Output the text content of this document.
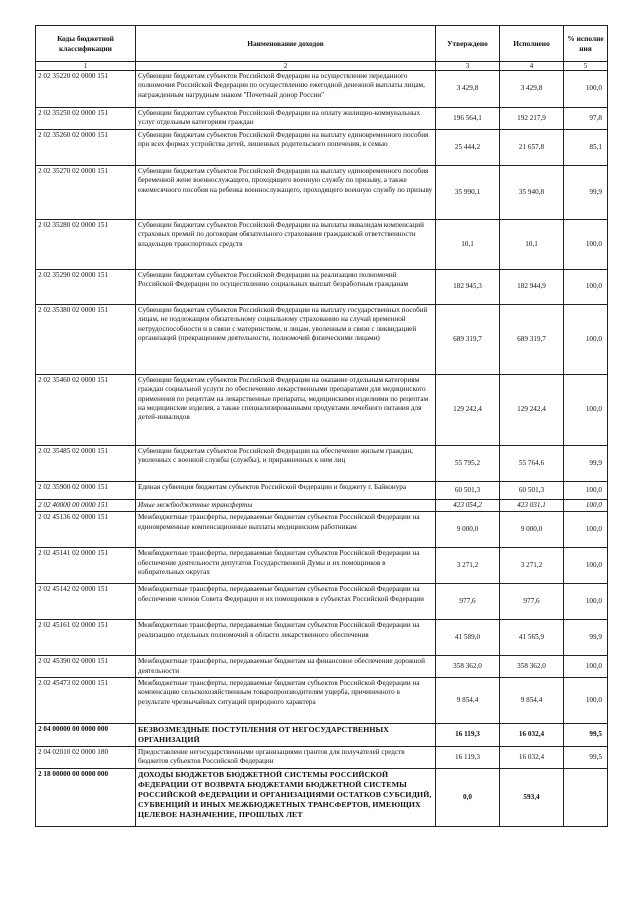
Коды бюджетной классификации	Наименование доходов	Утверждено	Исполнено	% исполне ния
1	2	3	4	5
2 02 35220 02 0000 151	Субвенции бюджетам субъектов Российской Федерации на осуществление переданного полномочия Российской Федерации по осуществлению ежегодной денежной выплаты лицам, награжденным нагрудным знаком "Почетный донор России"	3 429,8	3 429,8	100,0
2 02 35250 02 0000 151	Субвенции бюджетам субъектов Российской Федерации на оплату жилищно-коммунальных услуг отдельным категориям граждан	196 564,1	192 217,9	97,8
2 02 35260 02 0000 151	Субвенции бюджетам субъектов Российской Федерации на выплату единовременного пособия при всех формах устройства детей, лишенных родительского попечения, в семью	25 444,2	21 657,8	85,1
2 02 35270 02 0000 151	Субвенции бюджетам субъектов Российской Федерации на выплату единовременного пособия беременной жене военнослужащего, проходящего военную службу по призыву, а также ежемесячного пособия на ребенка военнослужащего, проходящего военную службу по призыву	35 990,1	35 940,8	99,9
2 02 35280 02 0000 151	Субвенции бюджетам субъектов Российской Федерации на выплаты инвалидам компенсаций страховых премий по договорам обязательного страхования гражданской ответственности владельцев транспортных средств	10,1	10,1	100,0
2 02 35290 02 0000 151	Субвенции бюджетам субъектов Российской Федерации на реализацию полномочий Российской Федерации по осуществлению социальных выплат безработным гражданам	182 945,3	182 944,9	100,0
2 02 35380 02 0000 151	Субвенции бюджетам субъектов Российской Федерации на выплату государственных пособий лицам, не подлежащим обязательному социальному страхованию на случай временной нетрудоспособности и в связи с материнством, и лицам, уволенным в связи с ликвидацией организаций (прекращением деятельности, полномочий физическими лицами)	689 319,7	689 319,7	100,0
2 02 35460 02 0000 151	Субвенции бюджетам субъектов Российской Федерации на оказание отдельным категориям граждан социальной услуги по обеспечению лекарственными препаратами для медицинского применения по рецептам на лекарственные препараты, медицинскими изделиями по рецептам на медицинские изделия, а также специализированными продуктами лечебного питания для детей-инвалидов	129 242,4	129 242,4	100,0
2 02 35485 02 0000 151	Субвенции бюджетам субъектов Российской Федерации на обеспечение жильем граждан, уволенных с военной службы (службы), и приравненных к ним лиц	55 795,2	55 764,6	99,9
2 02 35900 02 0000 151	Единая субвенция бюджетам субъектов Российской Федерации и бюджету г. Байконура	60 501,3	60 501,3	100,0
2 02 40000 00 0000 151	Иные межбюджетные трансферты	423 054,2	423 031,1	100,0
2 02 45136 02 0000 151	Межбюджетные трансферты, передаваемые бюджетам субъектов Российской Федерации на единовременные компенсационные выплаты медицинским работникам	9 000,0	9 000,0	100,0
2 02 45141 02 0000 151	Межбюджетные трансферты, передаваемые бюджетам субъектов Российской Федерации на обеспечение деятельности депутатов Государственной Думы и их помощников в избирательных округах	3 271,2	3 271,2	100,0
2 02 45142 02 0000 151	Межбюджетные трансферты, передаваемые бюджетам субъектов Российской Федерации на обеспечение членов Совета Федерации и их помощников в субъектах Российской Федерации	977,6	977,6	100,0
2 02 45161 02 0000 151	Межбюджетные трансферты, передаваемые бюджетам субъектов Российской Федерации на реализацию отдельных полномочий в области лекарственного обеспечения	41 589,0	41 565,9	99,9
2 02 45390 02 0000 151	Межбюджетные трансферты, передаваемые бюджетам на финансовое обеспечение дорожной деятельности	358 362,0	358 362,0	100,0
2 02 45473 02 0000 151	Межбюджетные трансферты, передаваемые бюджетам субъектов Российской Федерации на компенсацию сельскохозяйственным товаропроизводителям ущерба, причиненного в результате чрезвычайных ситуаций природного характера	9 854,4	9 854,4	100,0
2 04 00000 00 0000 000	БЕЗВОЗМЕЗДНЫЕ ПОСТУПЛЕНИЯ ОТ НЕГОСУДАРСТВЕННЫХ ОРГАНИЗАЦИЙ	16 119,3	16 032,4	99,5
2 04 02010 02 0000 180	Предоставление негосударственными организациями грантов для получателей средств бюджетов субъектов Российской Федерации	16 119,3	16 032,4	99,5
2 18 00000 00 0000 000	ДОХОДЫ БЮДЖЕТОВ БЮДЖЕТНОЙ СИСТЕМЫ РОССИЙСКОЙ ФЕДЕРАЦИИ ОТ ВОЗВРАТА БЮДЖЕТАМИ БЮДЖЕТНОЙ СИСТЕМЫ РОССИЙСКОЙ ФЕДЕРАЦИИ И ОРГАНИЗАЦИЯМИ ОСТАТКОВ СУБСИДИЙ, СУБВЕНЦИЙ И ИНЫХ МЕЖБЮДЖЕТНЫХ ТРАНСФЕРТОВ, ИМЕЮЩИХ ЦЕЛЕВОЕ НАЗНАЧЕНИЕ, ПРОШЛЫХ ЛЕТ	0,0	593,4	
